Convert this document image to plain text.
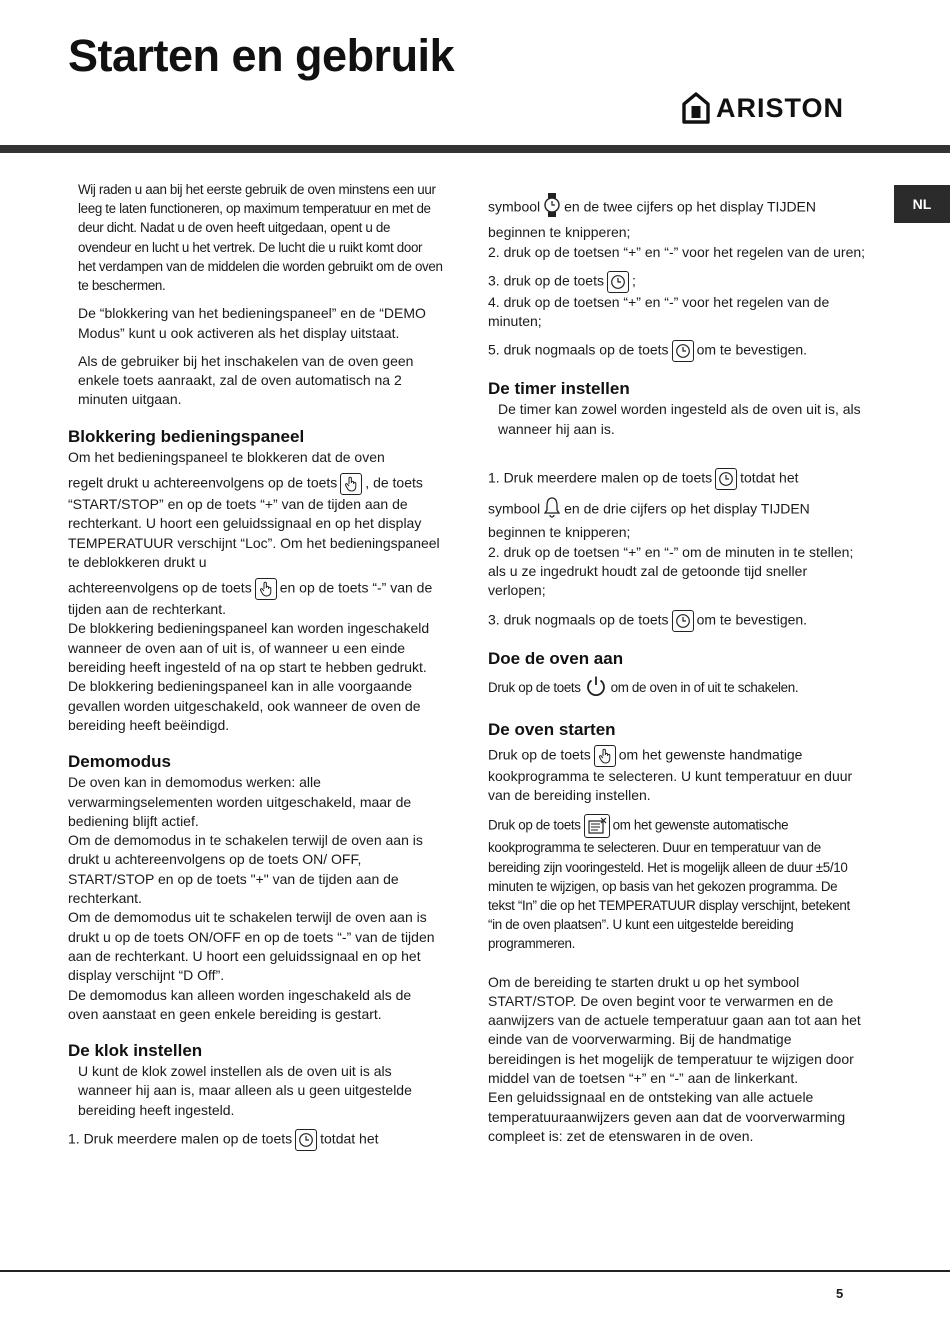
Starten en gebruik
ARISTON
NL

Wij raden u aan bij het eerste gebruik de oven minstens een uur leeg te laten functioneren, op maximum temperatuur en met de deur dicht. Nadat u de oven heeft uitgedaan, opent u de ovendeur en lucht u het vertrek. De lucht die u ruikt komt door het verdampen van de middelen die worden gebruikt om de oven te beschermen.

De “blokkering van het bedieningspaneel” en de “DEMO Modus” kunt u ook activeren als het display uitstaat.

Als de gebruiker bij het inschakelen van de oven geen enkele toets aanraakt, zal de oven automatisch na 2 minuten uitgaan.

Blokkering bedieningspaneel

Om het bedieningspaneel te blokkeren dat de oven

regelt drukt u achtereenvolgens op de toets , de toets “START/STOP” en op de toets “+” van de tijden aan de rechterkant. U hoort een geluidssignaal en op het display TEMPERATUUR verschijnt “Loc”. Om het bedieningspaneel te deblokkeren drukt u

achtereenvolgens op de toets en op de toets “-” van de tijden aan de rechterkant.

De blokkering bedieningspaneel kan worden ingeschakeld wanneer de oven aan of uit is, of wanneer u een einde bereiding heeft ingesteld of na op start te hebben gedrukt. De blokkering bedieningspaneel kan in alle voorgaande gevallen worden uitgeschakeld, ook wanneer de oven de bereiding heeft beëindigd.

Demomodus

De oven kan in demomodus werken: alle verwarmingselementen worden uitgeschakeld, maar de bediening blijft actief.

Om de demomodus in te schakelen terwijl de oven aan is drukt u achtereenvolgens op de toets ON/ OFF, START/STOP en op de toets "+" van de tijden aan de rechterkant.

Om de demomodus uit te schakelen terwijl de oven aan is drukt u op de toets ON/OFF en op de toets “-” van de tijden aan de rechterkant. U hoort een geluidssignaal en op het display verschijnt “D Off”.

De demomodus kan alleen worden ingeschakeld als de oven aanstaat en geen enkele bereiding is gestart.

De klok instellen

U kunt de klok zowel instellen als de oven uit is als wanneer hij aan is, maar alleen als u geen uitgestelde bereiding heeft ingesteld.

1. Druk meerdere malen op de toets totdat het

symbool en de twee cijfers op het display TIJDEN beginnen te knipperen;

2. druk op de toetsen “+” en “-” voor het regelen van de uren;

3. druk op de toets ;

4. druk op de toetsen “+” en “-” voor het regelen van de minuten;

5. druk nogmaals op de toets om te bevestigen.

De timer instellen

De timer kan zowel worden ingesteld als de oven uit is, als wanneer hij aan is.

1. Druk meerdere malen op de toets totdat het

symbool en de drie cijfers op het display TIJDEN beginnen te knipperen;

2. druk op de toetsen “+” en “-” om de minuten in te stellen; als u ze ingedrukt houdt zal de getoonde tijd sneller verlopen;

3. druk nogmaals op de toets om te bevestigen.

Doe de oven aan

Druk op de toets om de oven in of uit te schakelen.

De oven starten

Druk op de toets om het gewenste handmatige kookprogramma te selecteren. U kunt temperatuur en duur van de bereiding instellen.

Druk op de toets om het gewenste automatische kookprogramma te selecteren. Duur en temperatuur van de bereiding zijn vooringesteld. Het is mogelijk alleen de duur ±5/10 minuten te wijzigen, op basis van het gekozen programma. De tekst “In” die op het TEMPERATUUR display verschijnt, betekent “in de oven plaatsen”. U kunt een uitgestelde bereiding programmeren.

Om de bereiding te starten drukt u op het symbool START/STOP. De oven begint voor te verwarmen en de aanwijzers van de actuele temperatuur gaan aan tot aan het einde van de voorverwarming. Bij de handmatige bereidingen is het mogelijk de temperatuur te wijzigen door middel van de toetsen “+” en “-” aan de linkerkant.

Een geluidssignaal en de ontsteking van alle actuele temperatuuraanwijzers geven aan dat de voorverwarming compleet is: zet de etenswaren in de oven.

5
